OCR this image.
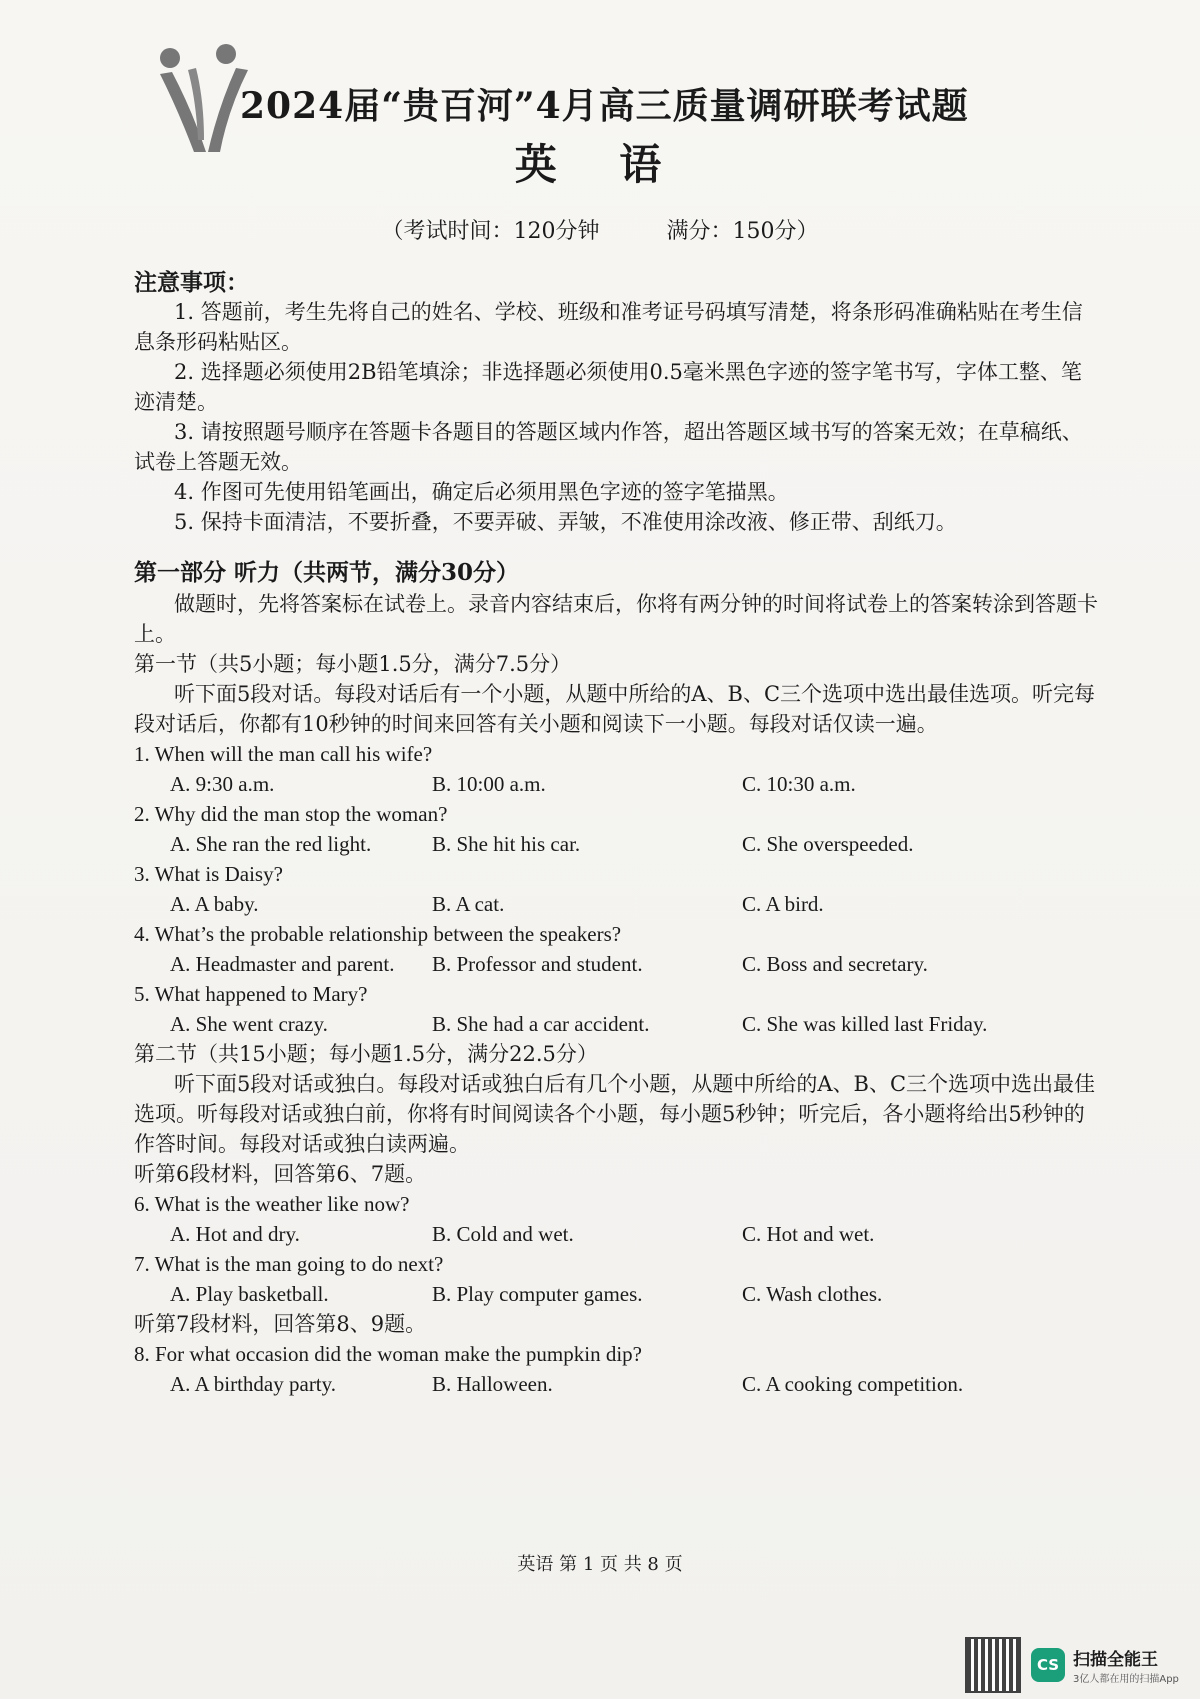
2024届“贵百河”4月高三质量调研联考试题
英 语
（考试时间：120分钟	满分：150分）
注意事项：

1. 答题前，考生先将自己的姓名、学校、班级和准考证号码填写清楚，将条形码准确粘贴在考生信息条形码粘贴区。

2. 选择题必须使用2B铅笔填涂；非选择题必须使用0.5毫米黑色字迹的签字笔书写，字体工整、笔迹清楚。

3. 请按照题号顺序在答题卡各题目的答题区域内作答，超出答题区域书写的答案无效；在草稿纸、试卷上答题无效。

4. 作图可先使用铅笔画出，确定后必须用黑色字迹的签字笔描黑。

5. 保持卡面清洁，不要折叠，不要弄破、弄皱，不准使用涂改液、修正带、刮纸刀。

第一部分 听力（共两节，满分30分）

做题时，先将答案标在试卷上。录音内容结束后，你将有两分钟的时间将试卷上的答案转涂到答题卡上。

第一节（共5小题；每小题1.5分，满分7.5分）

听下面5段对话。每段对话后有一个小题，从题中所给的A、B、C三个选项中选出最佳选项。听完每段对话后，你都有10秒钟的时间来回答有关小题和阅读下一小题。每段对话仅读一遍。

1. When will the man call his wife?

A. 9:30 a.m.	B. 10:00 a.m.	C. 10:30 a.m.

2. Why did the man stop the woman?

A. She ran the red light.	B. She hit his car.	C. She overspeeded.

3. What is Daisy?

A. A baby.	B. A cat.	C. A bird.

4. What’s the probable relationship between the speakers?

A. Headmaster and parent.	B. Professor and student.	C. Boss and secretary.

5. What happened to Mary?

A. She went crazy.	B. She had a car accident.	C. She was killed last Friday.
第二节（共15小题；每小题1.5分，满分22.5分）

听下面5段对话或独白。每段对话或独白后有几个小题，从题中所给的A、B、C三个选项中选出最佳选项。听每段对话或独白前，你将有时间阅读各个小题，每小题5秒钟；听完后，各小题将给出5秒钟的作答时间。每段对话或独白读两遍。

听第6段材料，回答第6、7题。

6. What is the weather like now?

A. Hot and dry.	B. Cold and wet.	C. Hot and wet.

7. What is the man going to do next?

A. Play basketball.	B. Play computer games.	C. Wash clothes.

听第7段材料，回答第8、9题。

8. For what occasion did the woman make the pumpkin dip?

A. A birthday party.	B. Halloween.	C. A cooking competition.
英语 第 1 页 共 8 页
CS 扫描全能王
3亿人都在用的扫描App
